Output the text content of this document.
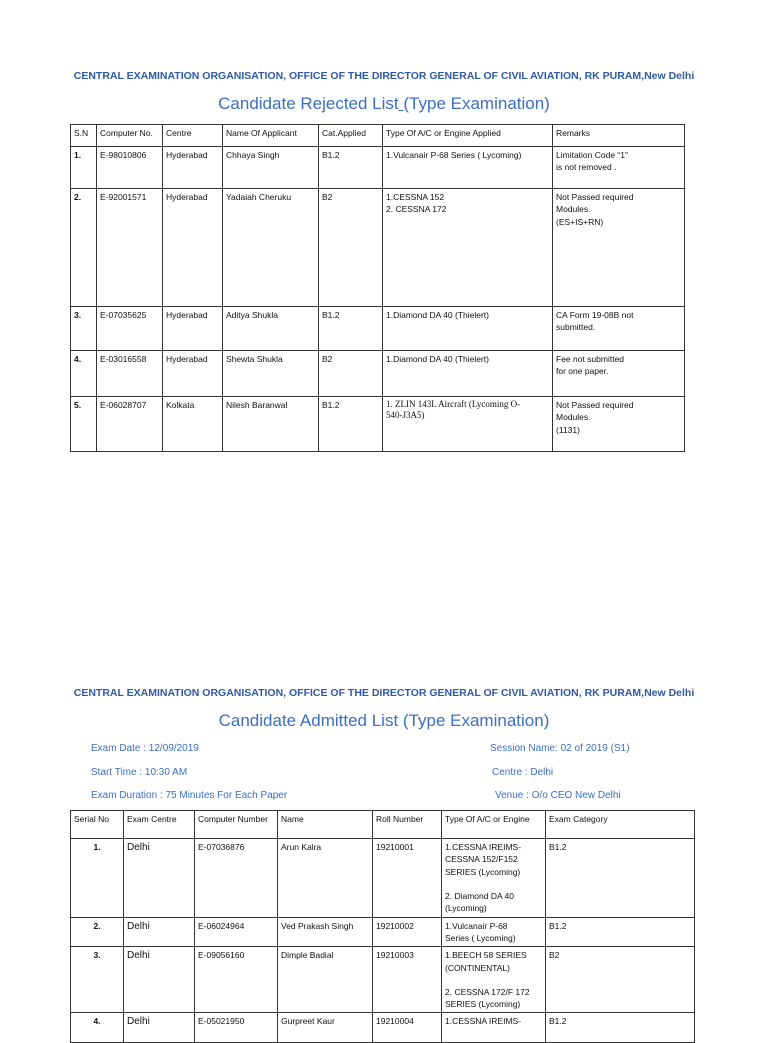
CENTRAL EXAMINATION ORGANISATION, OFFICE OF THE DIRECTOR GENERAL OF CIVIL AVIATION, RK PURAM,New Delhi
Candidate Rejected List (Type Examination)
S.N	Computer No.	Centre	Name Of Applicant	Cat.Applied	Type Of A/C or Engine Applied	Remarks
1.	E-98010806	Hyderabad	Chhaya Singh	B1.2	1.Vulcanair P-68 Series ( Lycoming)	Limitation Code “1”
is not removed .

2.	E-92001571	Hyderabad	Yadaiah Cheruku	B2	1.CESSNA 152
2. CESSNA 172	Not Passed required
Modules.
(ES+IS+RN)

3.	E-07035625	Hyderabad	Aditya Shukla	B1.2	1.Diamond DA 40 (Thielert)	CA Form 19-08B not
submitted.

4.	E-03016558	Hyderabad	Shewta Shukla	B2	1.Diamond DA 40 (Thielert)	Fee not submitted
for one paper.

5.	E-06028707	Kolkata	Nilesh Baranwal	B1.2	1. ZLIN 143L Aircraft (Lycoming O-
540-J3A5)	Not Passed required
Modules.
(1131)
CENTRAL EXAMINATION ORGANISATION, OFFICE OF THE DIRECTOR GENERAL OF CIVIL AVIATION, RK PURAM,New Delhi
Candidate Admitted List (Type Examination)
Exam Date : 12/09/2019
Start Time : 10:30 AM
Exam Duration : 75 Minutes For Each Paper
Session Name: 02 of 2019 (S1)
Centre : Delhi
Venue : O/o CEO New Delhi
Serial No	Exam Centre	Computer Number	Name	Roll Number	Type Of A/C or Engine	Exam Category
1.	Delhi	E-07036876	Arun Kalra	19210001	1.CESSNA IREIMS-
CESSNA 152/F152
SERIES (Lycoming)
2. Diamond DA 40
(Lycoming)	B1.2
2.	Delhi	E-06024964	Ved Prakash Singh	19210002	1.Vulcanair P-68
Series ( Lycoming)	B1.2
3.	Delhi	E-09056160	Dimple Badial	19210003	1.BEECH 58 SERIES
(CONTINENTAL)
2. CESSNA 172/F 172
SERIES (Lycoming)	B2
4.	Delhi	E-05021950	Gurpreet Kaur	19210004	1.CESSNA IREIMS-	B1.2
